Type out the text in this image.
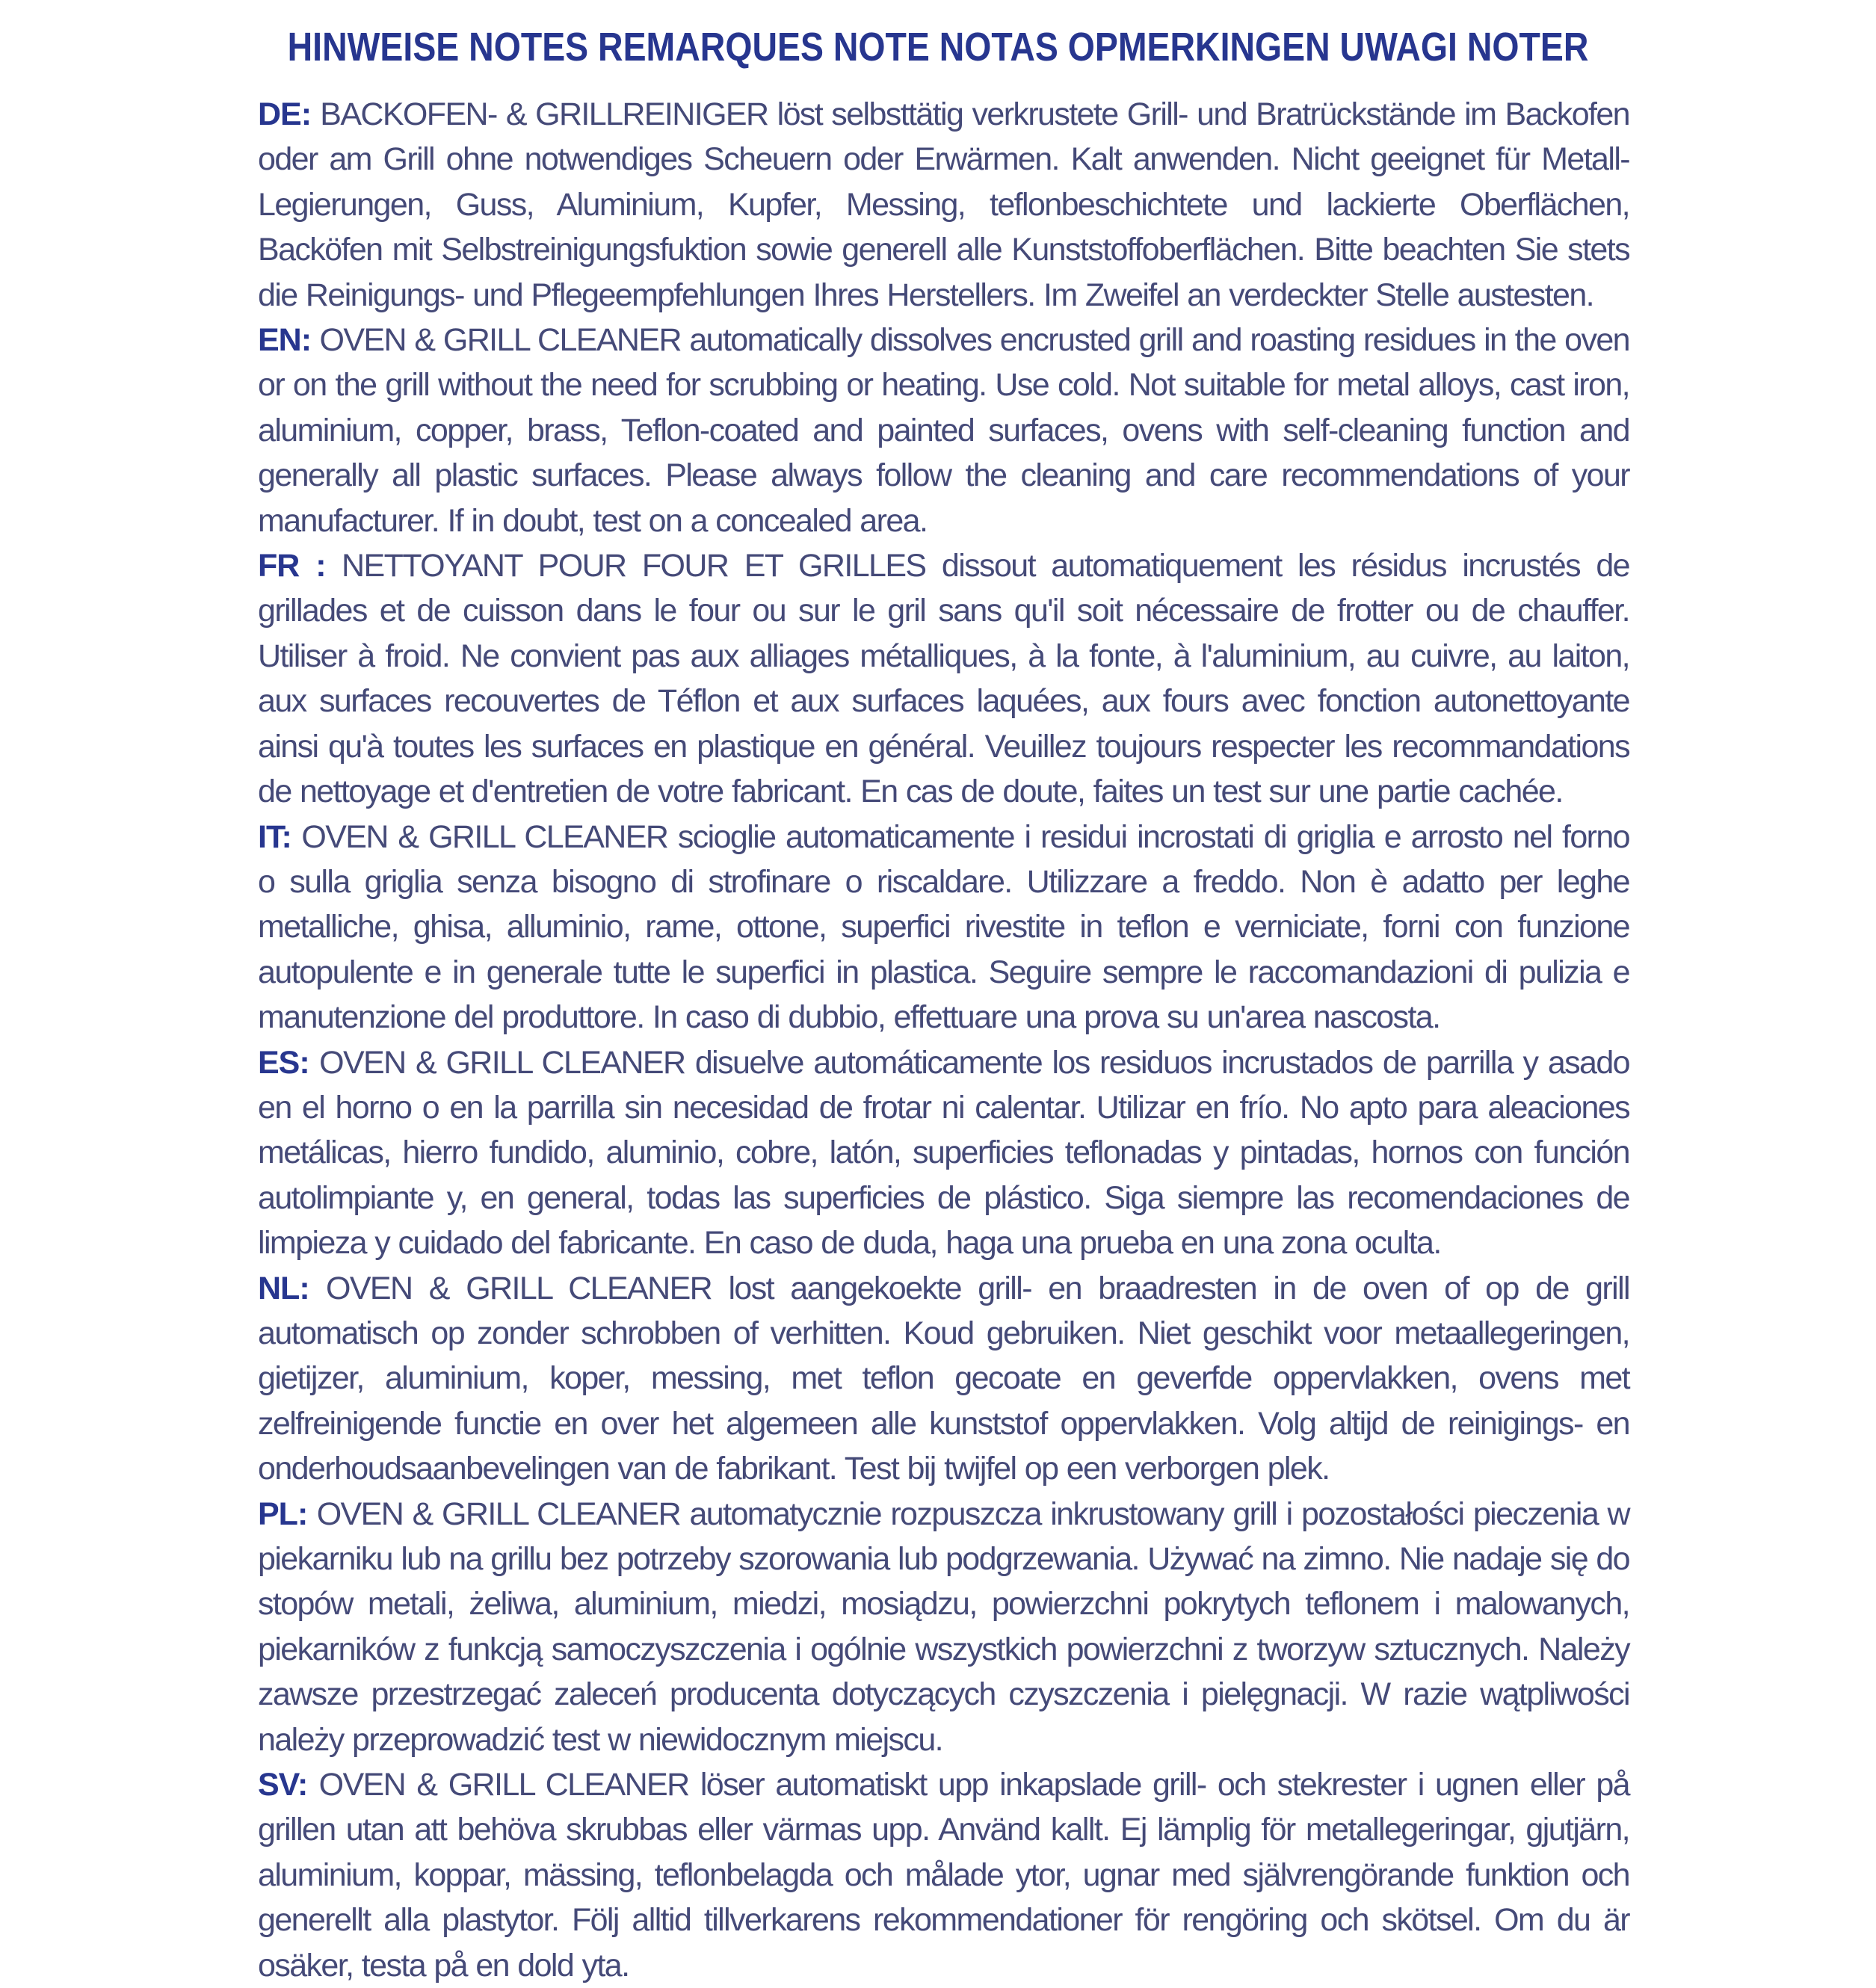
HINWEISE NOTES REMARQUES NOTE NOTAS OPMERKINGEN UWAGI NOTER

DE: BACKOFEN- & GRILLREINIGER löst selbsttätig verkrustete Grill- und Bratrückstände im Backofen oder am Grill ohne notwendiges Scheuern oder Erwärmen. Kalt anwenden. Nicht geeignet für Metall-Legierungen, Guss, Aluminium, Kupfer, Messing, teflonbeschichtete und lackierte Oberflächen, Backöfen mit Selbstreinigungsfuktion sowie generell alle Kunststoffoberflächen. Bitte beachten Sie stets die Reinigungs- und Pflegeempfehlungen Ihres Herstellers. Im Zweifel an verdeckter Stelle austesten.

EN: OVEN & GRILL CLEANER automatically dissolves encrusted grill and roasting residues in the oven or on the grill without the need for scrubbing or heating. Use cold. Not suitable for metal alloys, cast iron, aluminium, copper, brass, Teflon-coated and painted surfaces, ovens with self-cleaning function and generally all plastic surfaces. Please always follow the cleaning and care recommendations of your manufacturer. If in doubt, test on a concealed area.

FR : NETTOYANT POUR FOUR ET GRILLES dissout automatiquement les résidus incrustés de grillades et de cuisson dans le four ou sur le gril sans qu'il soit nécessaire de frotter ou de chauffer. Utiliser à froid. Ne convient pas aux alliages métalliques, à la fonte, à l'aluminium, au cuivre, au laiton, aux surfaces recouvertes de Téflon et aux surfaces laquées, aux fours avec fonction autonettoyante ainsi qu'à toutes les surfaces en plastique en général. Veuillez toujours respecter les recommandations de nettoyage et d'entretien de votre fabricant. En cas de doute, faites un test sur une partie cachée.

IT: OVEN & GRILL CLEANER scioglie automaticamente i residui incrostati di griglia e arrosto nel forno o sulla griglia senza bisogno di strofinare o riscaldare. Utilizzare a freddo. Non è adatto per leghe metalliche, ghisa, alluminio, rame, ottone, superfici rivestite in teflon e verniciate, forni con funzione autopulente e in generale tutte le superfici in plastica. Seguire sempre le raccomandazioni di pulizia e manutenzione del produttore. In caso di dubbio, effettuare una prova su un'area nascosta.

ES: OVEN & GRILL CLEANER disuelve automáticamente los residuos incrustados de parrilla y asado en el horno o en la parrilla sin necesidad de frotar ni calentar. Utilizar en frío. No apto para aleaciones metálicas, hierro fundido, aluminio, cobre, latón, superficies teflonadas y pintadas, hornos con función autolimpiante y, en general, todas las superficies de plástico. Siga siempre las recomendaciones de limpieza y cuidado del fabricante. En caso de duda, haga una prueba en una zona oculta.

NL: OVEN & GRILL CLEANER lost aangekoekte grill- en braadresten in de oven of op de grill automatisch op zonder schrobben of verhitten. Koud gebruiken. Niet geschikt voor metaallegeringen, gietijzer, aluminium, koper, messing, met teflon gecoate en geverfde oppervlakken, ovens met zelfreinigende functie en over het algemeen alle kunststof oppervlakken. Volg altijd de reinigings- en onderhoudsaanbevelingen van de fabrikant. Test bij twijfel op een verborgen plek.

PL: OVEN & GRILL CLEANER automatycznie rozpuszcza inkrustowany grill i pozostałości pieczenia w piekarniku lub na grillu bez potrzeby szorowania lub podgrzewania. Używać na zimno. Nie nadaje się do stopów metali, żeliwa, aluminium, miedzi, mosiądzu, powierzchni pokrytych teflonem i malowanych, piekarników z funkcją samoczyszczenia i ogólnie wszystkich powierzchni z tworzyw sztucznych. Należy zawsze przestrzegać zaleceń producenta dotyczących czyszczenia i pielęgnacji. W razie wątpliwości należy przeprowadzić test w niewidocznym miejscu.

SV: OVEN & GRILL CLEANER löser automatiskt upp inkapslade grill- och stekrester i ugnen eller på grillen utan att behöva skrubbas eller värmas upp. Använd kallt. Ej lämplig för metallegeringar, gjutjärn, aluminium, koppar, mässing, teflonbelagda och målade ytor, ugnar med självrengörande funktion och generellt alla plastytor. Följ alltid tillverkarens rekommendationer för rengöring och skötsel. Om du är osäker, testa på en dold yta.
